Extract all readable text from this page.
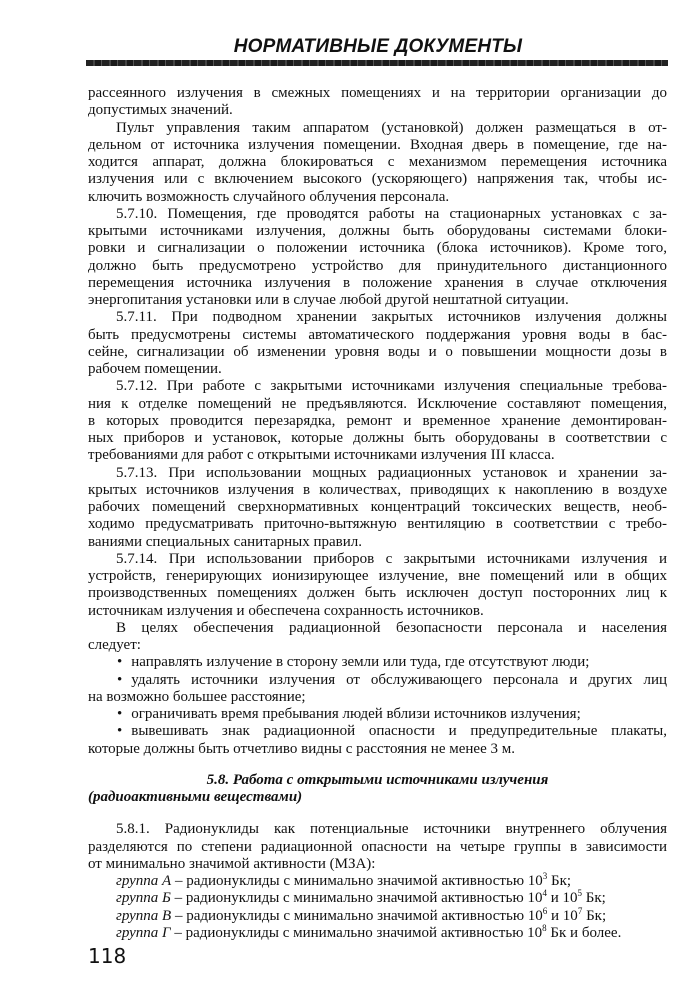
НОРМАТИВНЫЕ ДОКУМЕНТЫ
рассеянного излучения в смежных помещениях и на территории организации до
допустимых значений.
Пульт управления таким аппаратом (установкой) должен размещаться в от-
дельном от источника излучения помещении. Входная дверь в помещение, где на-
ходится аппарат, должна блокироваться с механизмом перемещения источника
излучения или с включением высокого (ускоряющего) напряжения так, чтобы ис-
ключить возможность случайного облучения персонала.
5.7.10. Помещения, где проводятся работы на стационарных установках с за-
крытыми источниками излучения, должны быть оборудованы системами блоки-
ровки и сигнализации о положении источника (блока источников). Кроме того,
должно быть предусмотрено устройство для принудительного дистанционного
перемещения источника излучения в положение хранения в случае отключения
энергопитания установки или в случае любой другой нештатной ситуации.
5.7.11. При подводном хранении закрытых источников излучения должны
быть предусмотрены системы автоматического поддержания уровня воды в бас-
сейне, сигнализации об изменении уровня воды и о повышении мощности дозы в
рабочем помещении.
5.7.12. При работе с закрытыми источниками излучения специальные требова-
ния к отделке помещений не предъявляются. Исключение составляют помещения,
в которых проводится перезарядка, ремонт и временное хранение демонтирован-
ных приборов и установок, которые должны быть оборудованы в соответствии с
требованиями для работ с открытыми источниками излучения III класса.
5.7.13. При использовании мощных радиационных установок и хранении за-
крытых источников излучения в количествах, приводящих к накоплению в воздухе
рабочих помещений сверхнормативных концентраций токсических веществ, необ-
ходимо предусматривать приточно-вытяжную вентиляцию в соответствии с требо-
ваниями специальных санитарных правил.
5.7.14. При использовании приборов с закрытыми источниками излучения и
устройств, генерирующих ионизирующее излучение, вне помещений или в общих
производственных помещениях должен быть исключен доступ посторонних лиц к
источникам излучения и обеспечена сохранность источников.
В целях обеспечения радиационной безопасности персонала и населения
следует:
• направлять излучение в сторону земли или туда, где отсутствуют люди;
• удалять источники излучения от обслуживающего персонала и других лиц
на возможно большее расстояние;
• ограничивать время пребывания людей вблизи источников излучения;
• вывешивать знак радиационной опасности и предупредительные плакаты,
которые должны быть отчетливо видны с расстояния не менее 3 м.
5.8. Работа с открытыми источниками излучения
(радиоактивными веществами)
5.8.1. Радионуклиды как потенциальные источники внутреннего облучения
разделяются по степени радиационной опасности на четыре группы в зависимости
от минимально значимой активности (МЗА):
группа А – радионуклиды с минимально значимой активностью $10^3$ Бк;
группа Б – радионуклиды с минимально значимой активностью $10^4$ и $10^5$ Бк;
группа В – радионуклиды с минимально значимой активностью $10^6$ и $10^7$ Бк;
группа Г – радионуклиды с минимально значимой активностью $10^8$ Бк и более.
118
